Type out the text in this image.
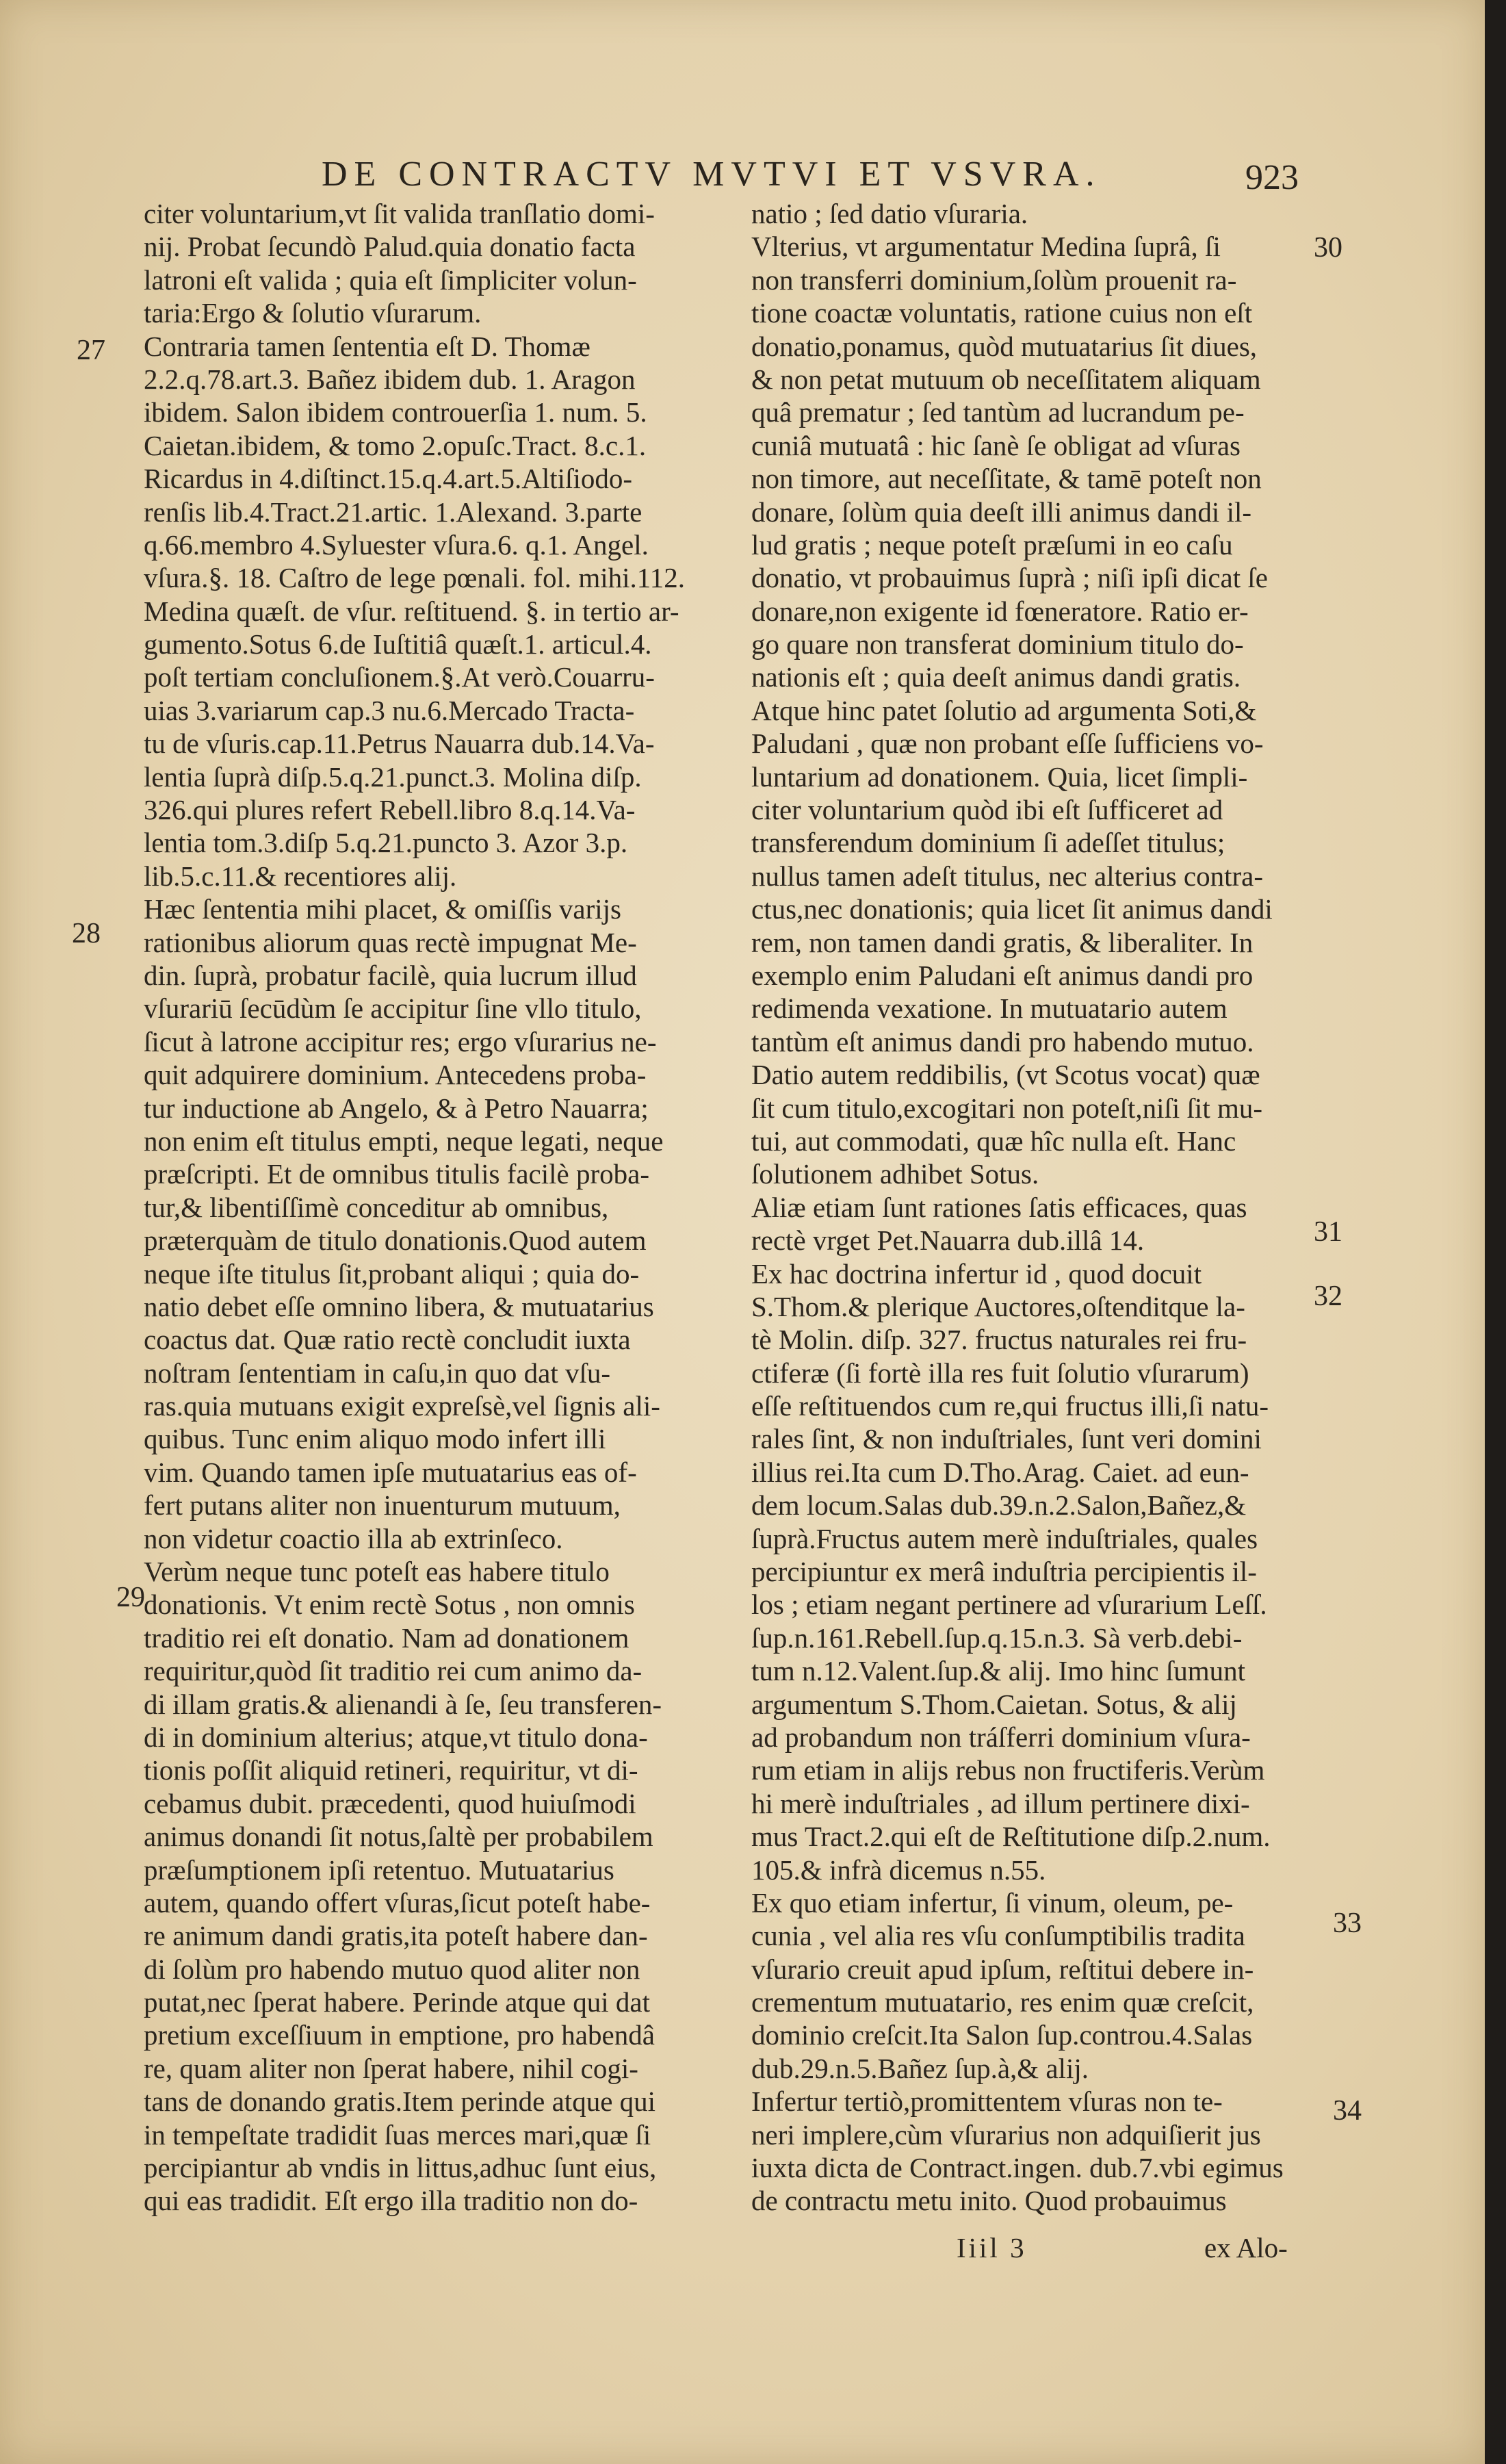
DE CONTRACTV MVTVI ET VSVRA.	923
citer voluntarium,vt ſit valida tranſlatio domi-
nij. Probat ſecundò Palud.quia donatio facta
latroni eſt valida ; quia eſt ſimpliciter volun-
taria:Ergo & ſolutio vſurarum.
Contraria tamen ſententia eſt D. Thomæ
2.2.q.78.art.3. Bañez ibidem dub. 1. Aragon
ibidem. Salon ibidem controuerſia 1. num. 5.
Caietan.ibidem, & tomo 2.opuſc.Tract. 8.c.1.
Ricardus in 4.diſtinct.15.q.4.art.5.Altiſiodo-
renſis lib.4.Tract.21.artic. 1.Alexand. 3.parte
q.66.membro 4.Syluester vſura.6. q.1. Angel.
vſura.§. 18. Caſtro de lege pœnali. fol. mihi.112.
Medina quæſt. de vſur. reſtituend. §. in tertio ar-
gumento.Sotus 6.de Iuſtitiâ quæſt.1. articul.4.
poſt tertiam concluſionem.§.At verò.Couarru-
uias 3.variarum cap.3 nu.6.Mercado Tracta-
tu de vſuris.cap.11.Petrus Nauarra dub.14.Va-
lentia ſuprà diſp.5.q.21.punct.3. Molina diſp.
326.qui plures refert Rebell.libro 8.q.14.Va-
lentia tom.3.diſp 5.q.21.puncto 3. Azor 3.p.
lib.5.c.11.& recentiores alij.
Hæc ſententia mihi placet, & omiſſis varijs
rationibus aliorum quas rectè impugnat Me-
din. ſuprà, probatur facilè, quia lucrum illud
vſurariū ſecūdùm ſe accipitur ſine vllo titulo,
ſicut à latrone accipitur res; ergo vſurarius ne-
quit adquirere dominium. Antecedens proba-
tur inductione ab Angelo, & à Petro Nauarra;
non enim eſt titulus empti, neque legati, neque
præſcripti. Et de omnibus titulis facilè proba-
tur,& libentiſſimè conceditur ab omnibus,
præterquàm de titulo donationis.Quod autem
neque iſte titulus ſit,probant aliqui ; quia do-
natio debet eſſe omnino libera, & mutuatarius
coactus dat. Quæ ratio rectè concludit iuxta
noſtram ſententiam in caſu,in quo dat vſu-
ras.quia mutuans exigit expreſsè,vel ſignis ali-
quibus. Tunc enim aliquo modo infert illi
vim. Quando tamen ipſe mutuatarius eas of-
fert putans aliter non inuenturum mutuum,
non videtur coactio illa ab extrinſeco.
Verùm neque tunc poteſt eas habere titulo
donationis. Vt enim rectè Sotus , non omnis
traditio rei eſt donatio. Nam ad donationem
requiritur,quòd ſit traditio rei cum animo da-
di illam gratis.& alienandi à ſe, ſeu transferen-
di in dominium alterius; atque,vt titulo dona-
tionis poſſit aliquid retineri, requiritur, vt di-
cebamus dubit. præcedenti, quod huiuſmodi
animus donandi ſit notus,ſaltè per probabilem
præſumptionem ipſi retentuo. Mutuatarius
autem, quando offert vſuras,ſicut poteſt habe-
re animum dandi gratis,ita poteſt habere dan-
di ſolùm pro habendo mutuo quod aliter non
putat,nec ſperat habere. Perinde atque qui dat
pretium exceſſiuum in emptione, pro habendâ
re, quam aliter non ſperat habere, nihil cogi-
tans de donando gratis.Item perinde atque qui
in tempeſtate tradidit ſuas merces mari,quæ ſi
percipiantur ab vndis in littus,adhuc ſunt eius,
qui eas tradidit. Eſt ergo illa traditio non do-
natio ; ſed datio vſuraria.
Vlterius, vt argumentatur Medina ſuprâ, ſi
non transferri dominium,ſolùm prouenit ra-
tione coactæ voluntatis, ratione cuius non eſt
donatio,ponamus, quòd mutuatarius ſit diues,
& non petat mutuum ob neceſſitatem aliquam
quâ prematur ; ſed tantùm ad lucrandum pe-
cuniâ mutuatâ : hic ſanè ſe obligat ad vſuras
non timore, aut neceſſitate, & tamē poteſt non
donare, ſolùm quia deeſt illi animus dandi il-
lud gratis ; neque poteſt præſumi in eo caſu
donatio, vt probauimus ſuprà ; niſi ipſi dicat ſe
donare,non exigente id fœneratore. Ratio er-
go quare non transferat dominium titulo do-
nationis eſt ; quia deeſt animus dandi gratis.
Atque hinc patet ſolutio ad argumenta Soti,&
Paludani , quæ non probant eſſe ſufficiens vo-
luntarium ad donationem. Quia, licet ſimpli-
citer voluntarium quòd ibi eſt ſufficeret ad
transferendum dominium ſi adeſſet titulus;
nullus tamen adeſt titulus, nec alterius contra-
ctus,nec donationis; quia licet ſit animus dandi
rem, non tamen dandi gratis, & liberaliter. In
exemplo enim Paludani eſt animus dandi pro
redimenda vexatione. In mutuatario autem
tantùm eſt animus dandi pro habendo mutuo.
Datio autem reddibilis, (vt Scotus vocat) quæ
ſit cum titulo,excogitari non poteſt,niſi ſit mu-
tui, aut commodati, quæ hîc nulla eſt. Hanc
ſolutionem adhibet Sotus.
Aliæ etiam ſunt rationes ſatis efficaces, quas
rectè vrget Pet.Nauarra dub.illâ 14.
Ex hac doctrina infertur id , quod docuit
S.Thom.& plerique Auctores,oſtenditque la-
tè Molin. diſp. 327. fructus naturales rei fru-
ctiferæ (ſi fortè illa res fuit ſolutio vſurarum)
eſſe reſtituendos cum re,qui fructus illi,ſi natu-
rales ſint, & non induſtriales, ſunt veri domini
illius rei.Ita cum D.Tho.Arag. Caiet. ad eun-
dem locum.Salas dub.39.n.2.Salon,Bañez,&
ſuprà.Fructus autem merè induſtriales, quales
percipiuntur ex merâ induſtria percipientis il-
los ; etiam negant pertinere ad vſurarium Leſſ.
ſup.n.161.Rebell.ſup.q.15.n.3. Sà verb.debi-
tum n.12.Valent.ſup.& alij. Imo hinc ſumunt
argumentum S.Thom.Caietan. Sotus, & alij
ad probandum non tráſferri dominium vſura-
rum etiam in alijs rebus non fructiferis.Verùm
hi merè induſtriales , ad illum pertinere dixi-
mus Tract.2.qui eſt de Reſtitutione diſp.2.num.
105.& infrà dicemus n.55.
Ex quo etiam infertur, ſi vinum, oleum, pe-
cunia , vel alia res vſu conſumptibilis tradita
vſurario creuit apud ipſum, reſtitui debere in-
crementum mutuatario, res enim quæ creſcit,
dominio creſcit.Ita Salon ſup.controu.4.Salas
dub.29.n.5.Bañez ſup.à,& alij.
Infertur tertiò,promittentem vſuras non te-
neri implere,cùm vſurarius non adquiſierit jus
iuxta dicta de Contract.ingen. dub.7.vbi egimus
de contractu metu inito. Quod probauimus
27
28
29
30
31
32
33
34
Iiil 3	ex Alo-
